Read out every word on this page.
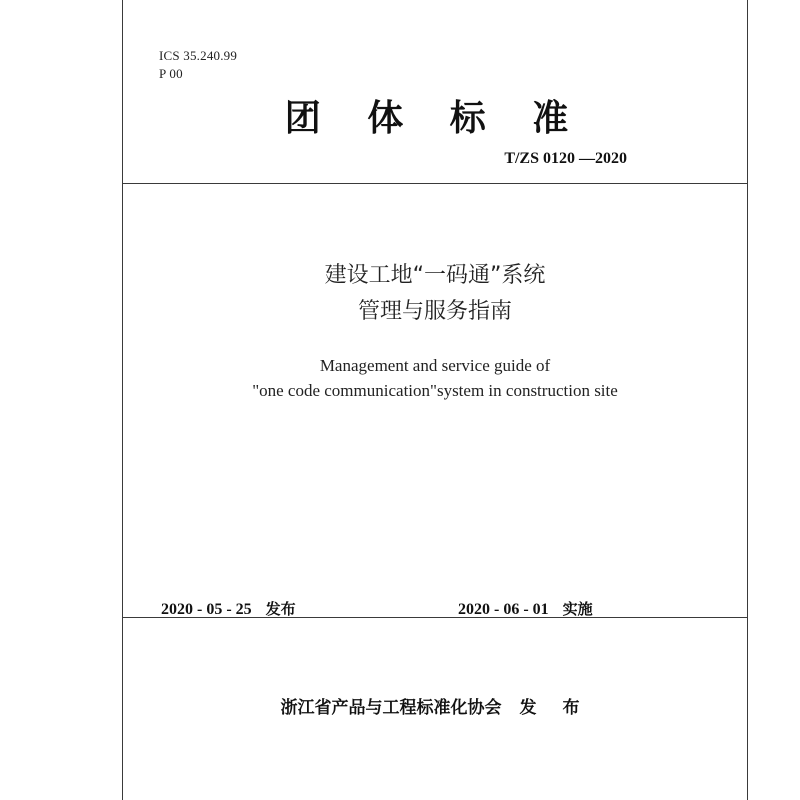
ICS 35.240.99
P 00
团 体 标 准
T/ZS 0120 —2020
建设工地“一码通”系统
管理与服务指南
Management and service guide of
"one code communication"system in construction site
2020 - 05 - 25 发布	2020 - 06 - 01 实施
浙江省产品与工程标准化协会 发 布
